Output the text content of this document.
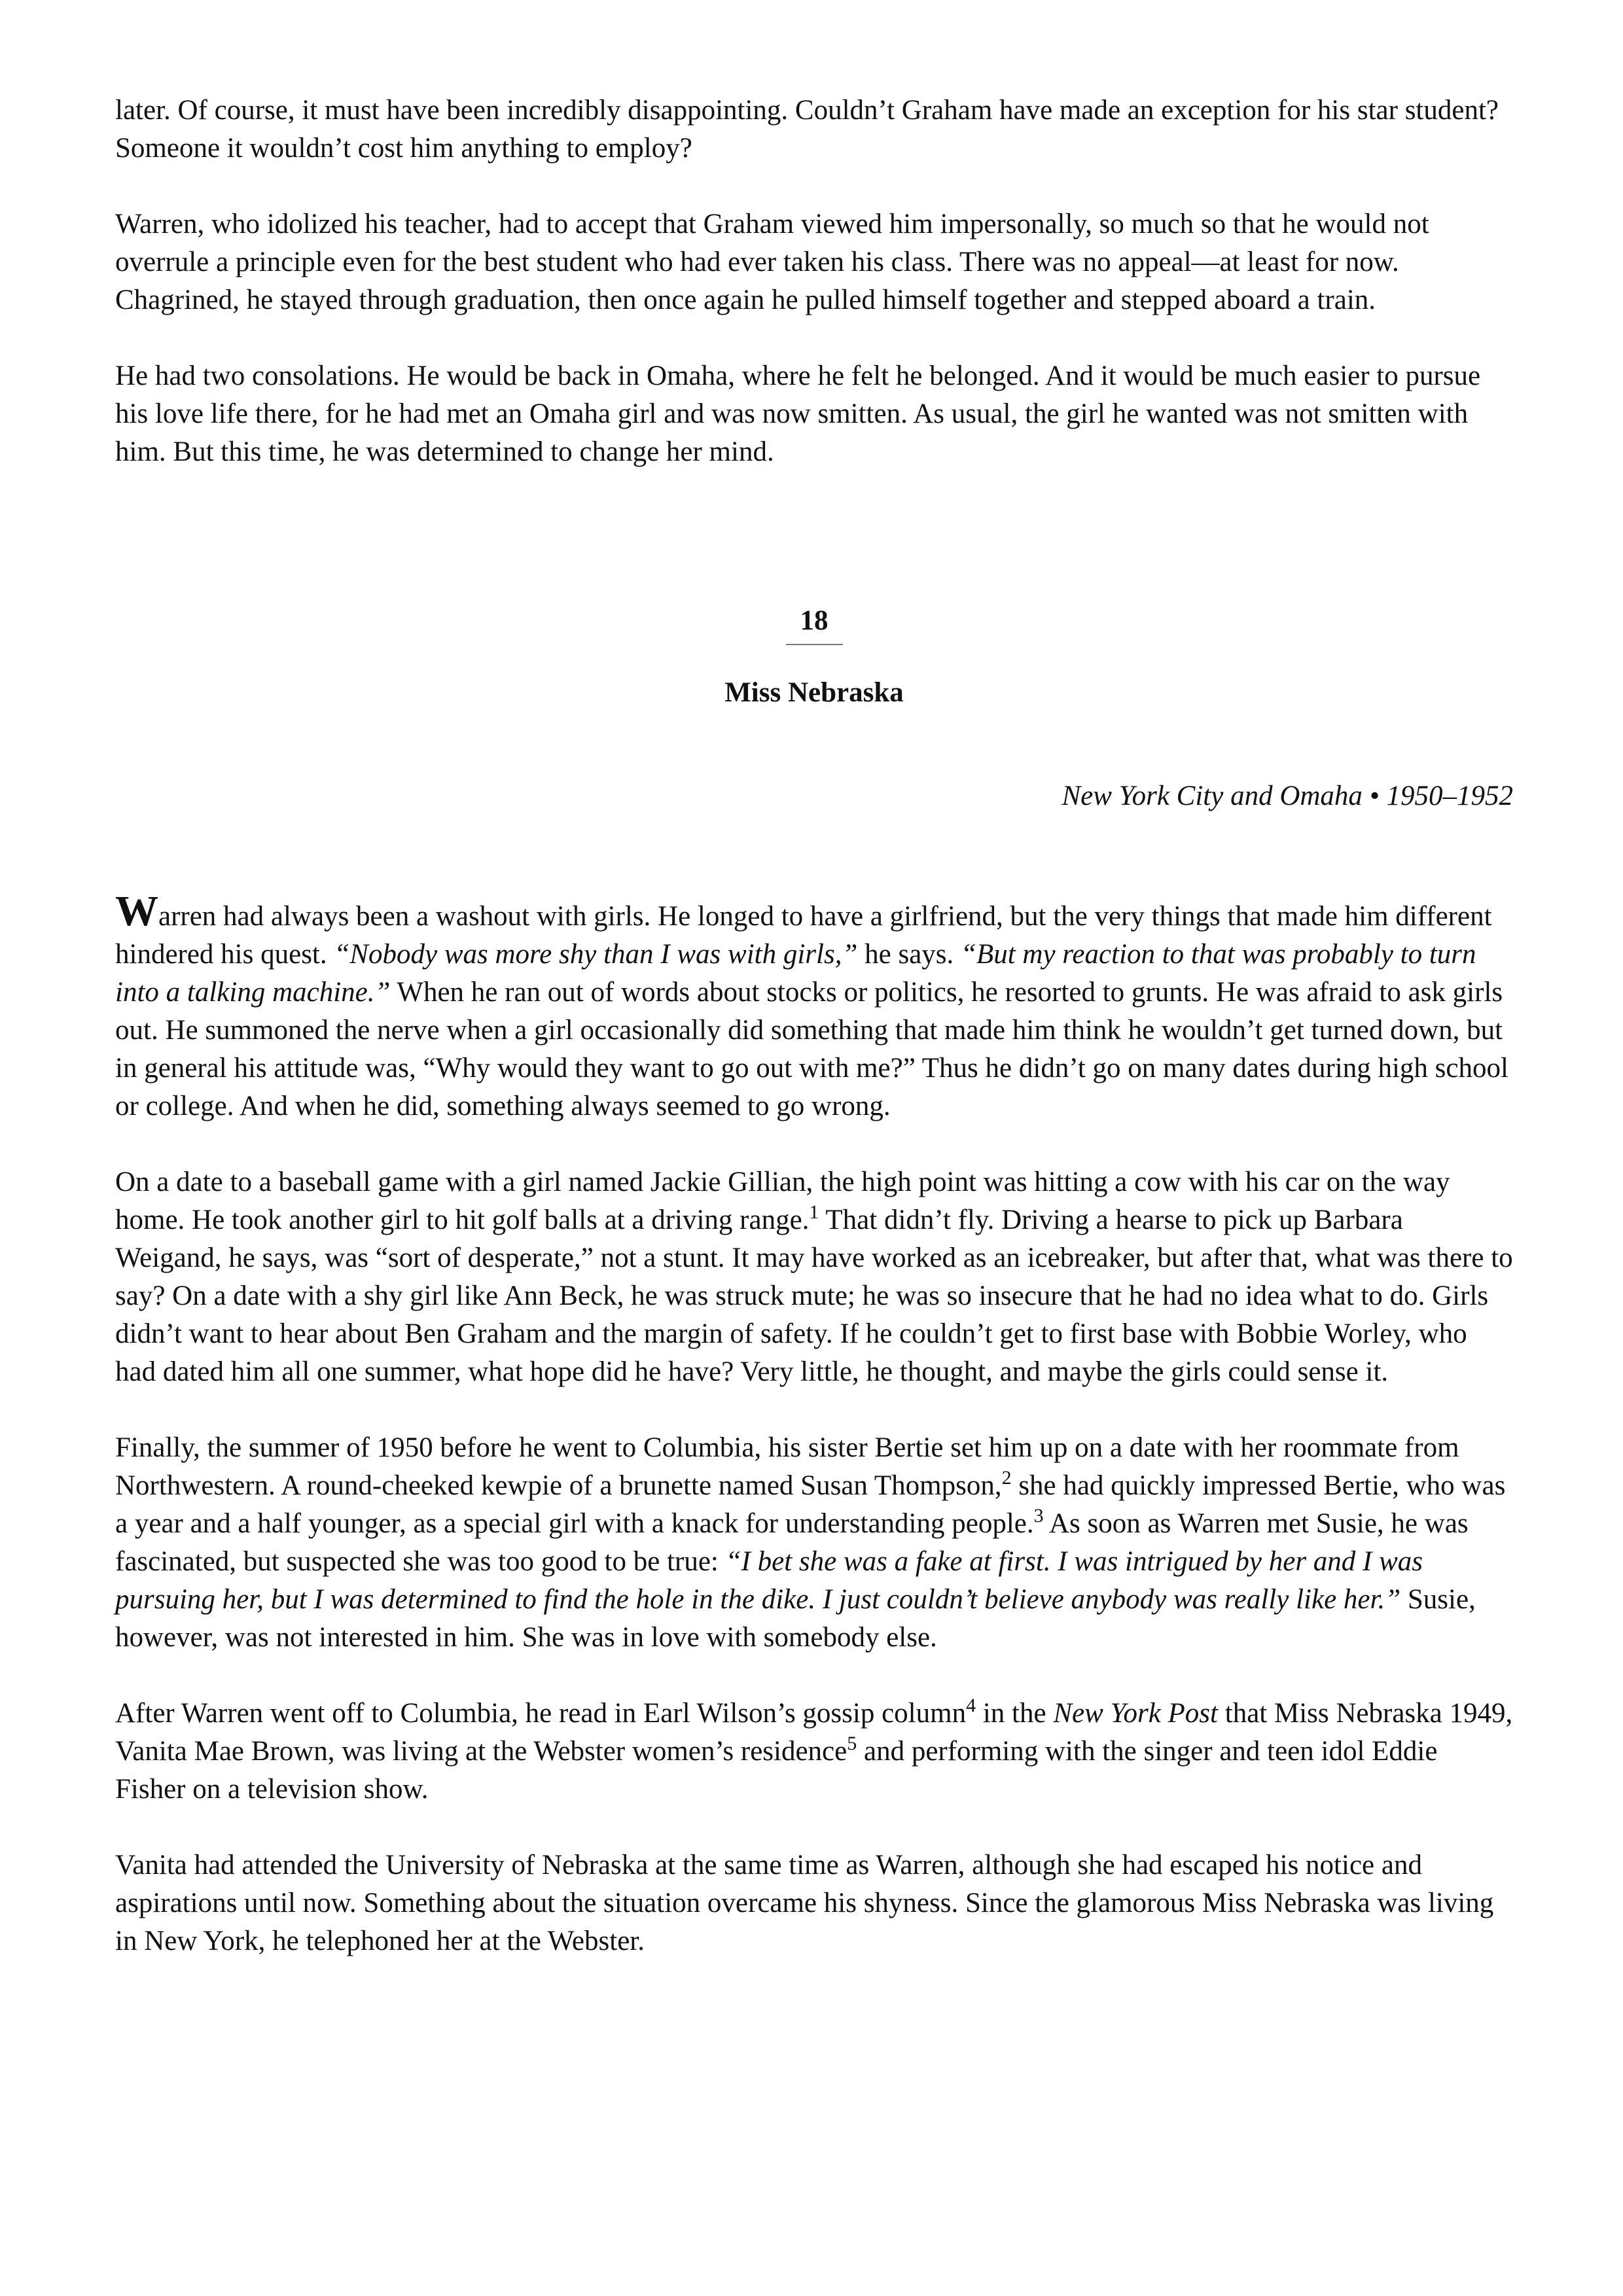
later. Of course, it must have been incredibly disappointing. Couldn’t Graham have made an exception for his star student? Someone it wouldn’t cost him anything to employ?

Warren, who idolized his teacher, had to accept that Graham viewed him impersonally, so much so that he would not overrule a principle even for the best student who had ever taken his class. There was no appeal—at least for now. Chagrined, he stayed through graduation, then once again he pulled himself together and stepped aboard a train.

He had two consolations. He would be back in Omaha, where he felt he belonged. And it would be much easier to pursue his love life there, for he had met an Omaha girl and was now smitten. As usual, the girl he wanted was not smitten with him. But this time, he was determined to change her mind.

18
Miss Nebraska
New York City and Omaha • 1950–1952

Warren had always been a washout with girls. He longed to have a girlfriend, but the very things that made him different hindered his quest. “Nobody was more shy than I was with girls,” he says. “But my reaction to that was probably to turn into a talking machine.” When he ran out of words about stocks or politics, he resorted to grunts. He was afraid to ask girls out. He summoned the nerve when a girl occasionally did something that made him think he wouldn’t get turned down, but in general his attitude was, “Why would they want to go out with me?” Thus he didn’t go on many dates during high school or college. And when he did, something always seemed to go wrong.

On a date to a baseball game with a girl named Jackie Gillian, the high point was hitting a cow with his car on the way home. He took another girl to hit golf balls at a driving range.$^1$ That didn’t fly. Driving a hearse to pick up Barbara Weigand, he says, was “sort of desperate,” not a stunt. It may have worked as an icebreaker, but after that, what was there to say? On a date with a shy girl like Ann Beck, he was struck mute; he was so insecure that he had no idea what to do. Girls didn’t want to hear about Ben Graham and the margin of safety. If he couldn’t get to first base with Bobbie Worley, who had dated him all one summer, what hope did he have? Very little, he thought, and maybe the girls could sense it.

Finally, the summer of 1950 before he went to Columbia, his sister Bertie set him up on a date with her roommate from Northwestern. A round-cheeked kewpie of a brunette named Susan Thompson,$^2$ she had quickly impressed Bertie, who was a year and a half younger, as a special girl with a knack for understanding people.$^3$ As soon as Warren met Susie, he was fascinated, but suspected she was too good to be true: “I bet she was a fake at first. I was intrigued by her and I was pursuing her, but I was determined to find the hole in the dike. I just couldn’t believe anybody was really like her.” Susie, however, was not interested in him. She was in love with somebody else.

After Warren went off to Columbia, he read in Earl Wilson’s gossip column$^4$ in the New York Post that Miss Nebraska 1949, Vanita Mae Brown, was living at the Webster women’s residence$^5$ and performing with the singer and teen idol Eddie Fisher on a television show.

Vanita had attended the University of Nebraska at the same time as Warren, although she had escaped his notice and aspirations until now. Something about the situation overcame his shyness. Since the glamorous Miss Nebraska was living in New York, he telephoned her at the Webster.
